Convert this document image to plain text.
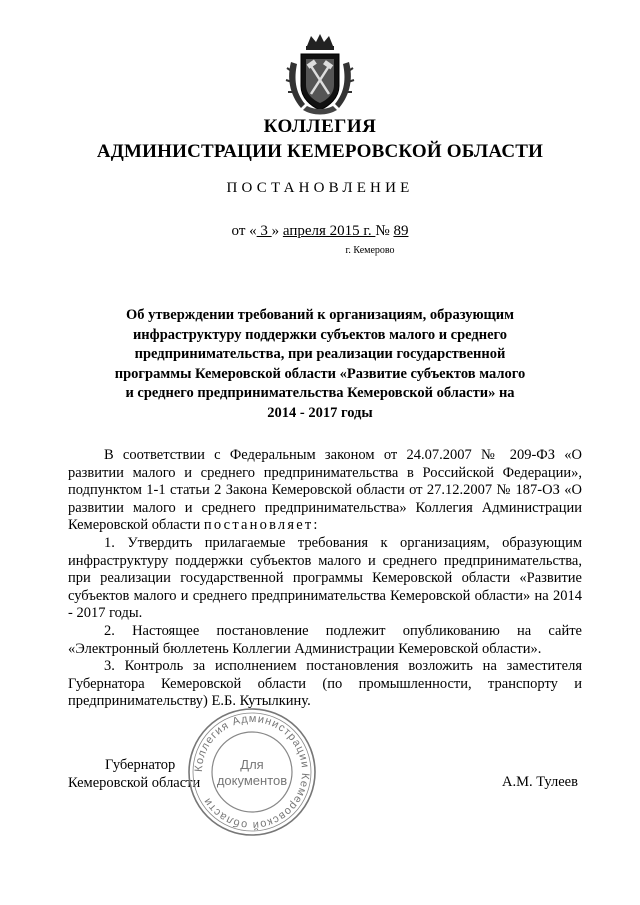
КОЛЛЕГИЯ
АДМИНИСТРАЦИИ КЕМЕРОВСКОЙ ОБЛАСТИ
ПОСТАНОВЛЕНИЕ
от « 3 » апреля 2015 г. № 89
г. Кемерово
Об утверждении требований к организациям, образующим инфраструктуру поддержки субъектов малого и среднего предпринимательства, при реализации государственной программы Кемеровской области «Развитие субъектов малого и среднего предпринимательства Кемеровской области» на 2014 - 2017 годы

В соответствии с Федеральным законом от 24.07.2007 № 209-ФЗ «О развитии малого и среднего предпринимательства в Российской Федерации», подпунктом 1-1 статьи 2 Закона Кемеровской области от 27.12.2007 № 187-ОЗ «О развитии малого и среднего предпринимательства» Коллегия Администрации Кемеровской области постановляет:

1. Утвердить прилагаемые требования к организациям, образующим инфраструктуру поддержки субъектов малого и среднего предпринимательства, при реализации государственной программы Кемеровской области «Развитие субъектов малого и среднего предпринимательства Кемеровской области» на 2014 - 2017 годы.

2. Настоящее постановление подлежит опубликованию на сайте «Электронный бюллетень Коллегии Администрации Кемеровской области».

3. Контроль за исполнением постановления возложить на заместителя Губернатора Кемеровской области (по промышленности, транспорту и предпринимательству) Е.Б. Кутылкину.

Губернатор
Кемеровской области	А.М. Тулеев
Коллегия Администрации Кемеровской области
Для
документов
